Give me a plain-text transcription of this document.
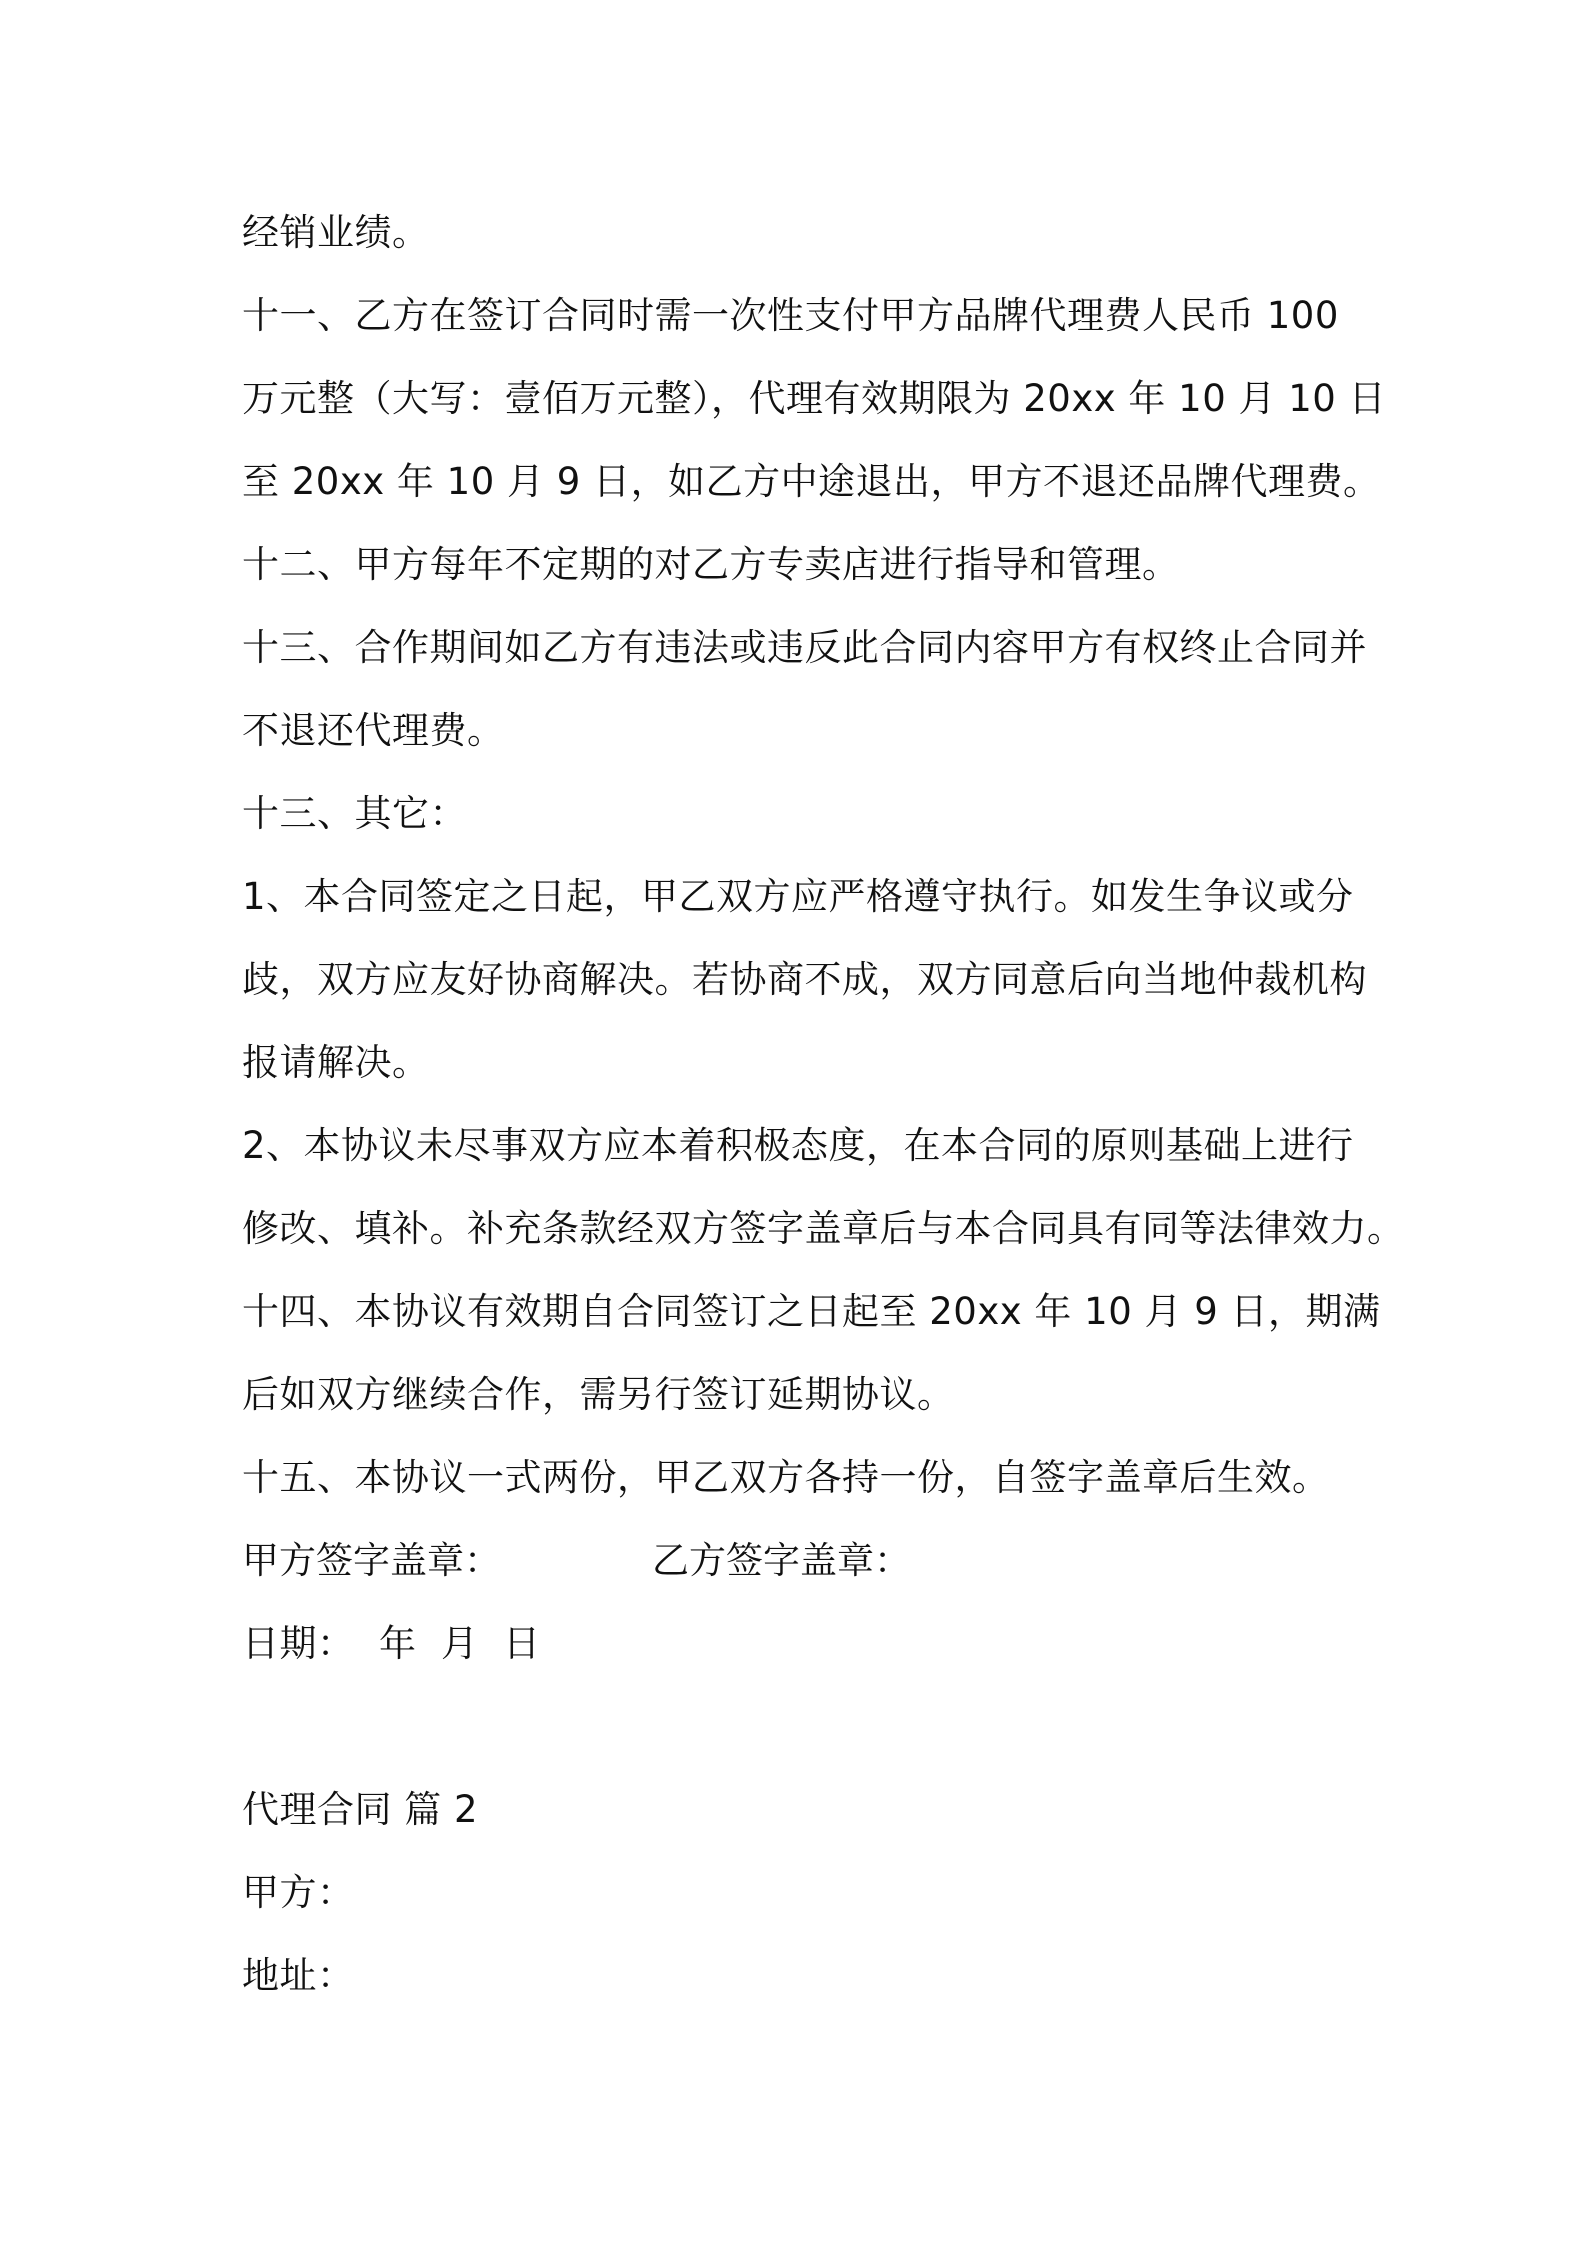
经销业绩。
十一、乙方在签订合同时需一次性支付甲方品牌代理费人民币 100
万元整（大写：壹佰万元整），代理有效期限为 20xx 年 10 月 10 日
至 20xx 年 10 月 9 日，如乙方中途退出，甲方不退还品牌代理费。
十二、甲方每年不定期的对乙方专卖店进行指导和管理。
十三、合作期间如乙方有违法或违反此合同内容甲方有权终止合同并
不退还代理费。
十三、其它：
1、本合同签定之日起，甲乙双方应严格遵守执行。如发生争议或分
歧，双方应友好协商解决。若协商不成，双方同意后向当地仲裁机构
报请解决。
2、本协议未尽事双方应本着积极态度，在本合同的原则基础上进行
修改、填补。补充条款经双方签字盖章后与本合同具有同等法律效力。
十四、本协议有效期自合同签订之日起至 20xx 年 10 月 9 日，期满
后如双方继续合作，需另行签订延期协议。
十五、本协议一式两份，甲乙双方各持一份，自签字盖章后生效。
甲方签字盖章：	乙方签字盖章：
日期：  年  月  日
代理合同 篇 2
甲方：
地址：
